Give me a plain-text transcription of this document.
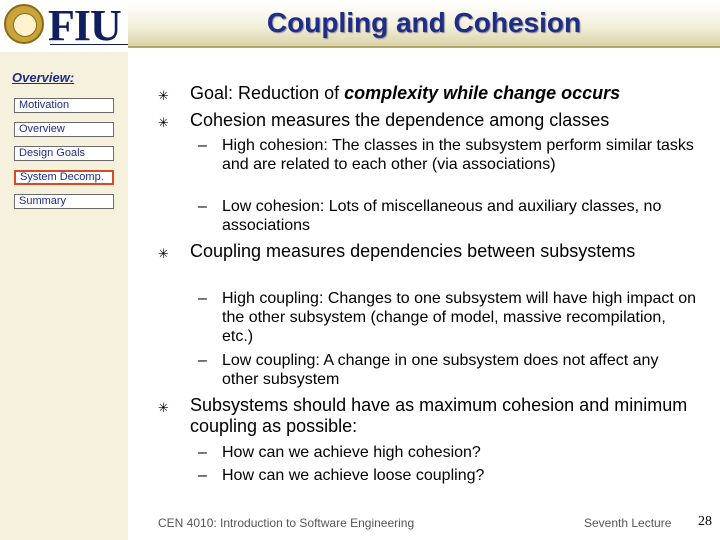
FIU	Coupling and Cohesion
Overview:
Motivation
Overview
Design Goals
System Decomp.
Summary
✳ Goal: Reduction of complexity while change occurs
✳ Cohesion measures the dependence among classes
– High cohesion: The classes in the subsystem perform similar tasks and are related to each other (via associations)
– Low cohesion: Lots of miscellaneous and auxiliary classes, no associations
✳ Coupling measures dependencies between subsystems
– High coupling: Changes to one subsystem will have high impact on the other subsystem (change of model, massive recompilation, etc.)
– Low coupling: A change in one subsystem does not affect any other subsystem
✳ Subsystems should have as maximum cohesion and minimum coupling as possible:
– How can we achieve high cohesion?
– How can we achieve loose coupling?
CEN 4010: Introduction to Software Engineering	Seventh Lecture 28
